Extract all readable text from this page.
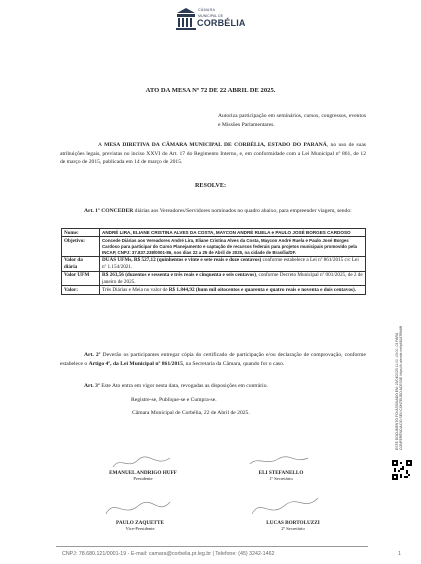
CÂMARA
MUNICIPAL DE
CORBÉLIA
ATO DA MESA Nº 72 DE 22 ABRIL DE 2025.
Autoriza participação em seminários, cursos, congressos, eventos e Missões Parlamentares.
A MESA DIRETIVA DA CÂMARA MUNICIPAL DE CORBÉLIA, ESTADO DO PARANÁ, no uso de suas atribuições legais, previstas no inciso XXVI do Art. 17 do Regimento Interno, e, em conformidade com a Lei Municipal nº 861, de 12 de março de 2015, publicada em 14 de março de 2015.
RESOLVE:
Art. 1º CONCEDER diárias aos Vereadores/Servidores nominados no quadro abaixo, para empreender viagem, sendo:
Nome:	ANDRÉ LIRA, ELIANE CRISTINA ALVES DA COSTA, MAYCON ANDRÉ RUELA e PAULO JOSÉ BORGES CARDOSO
Objetivo:	Concede Diárias aos Vereadores André Lira, Eliane Cristina Alves da Costa, Maycon André Ruela e Paulo José Borges Cardoso para participar do Curso Planejamento e captação de recursos federais para projetos municipais promovido pela INCAP, CNPJ: 37.837.238/0001-86, nos dias 22 a 25 de Abril de 2025, na cidade de Brasília/DF.
Valor da diária	DUAS UFMs, R$ 527,12 (quinhentos e vinte e sete reais e doze centavos) conforme estabelece a Lei nº 861/2015 c/c Lei nº 1.154/2021.
Valor UFM	R$ 263,56 (duzentos e sessenta e três reais e cinquenta e seis centavos), conforme Decreto Municipal nº 001/2025, de 2 de janeiro de 2025.
Valor:	Três Diárias e Meia no valor de R$ 1.844,92 (hum mil oitocentos e quarenta e quatro reais e noventa e dois centavos).
Art. 2º Deverão os participantes entregar cópia do certificado de participação e/ou declaração de comprovação, conforme estabelece o Artigo 4º, da Lei Municipal nº 861/2015, na Secretaria da Câmara, quando for o caso.
Art. 3º Este Ato entra em vigor nesta data, revogadas as disposições em contrário.
Registre-se, Publique-se e Cumpra-se.
Câmara Municipal de Corbélia, 22 de Abril de 2025.
EMANUEL ANDRIGO HUFF
Presidente
ELI STEFANELLO
1º Secretário
PAULO ZAQUETTE
Vice-Presidente
LUCAS BORTOLUZZI
2º Secretário
ESTE DOCUMENTO FOI ASSINADO EM: 23/04/2025 11:00 -03:00 -03 PARA CONFERÊNCIA DO SEU CONTEÚDO ACESSE https://c.atende.net/p68187f9b8ff
CNPJ: 78.680.121/0001-19 - E-mail: camara@corbelia.pr.leg.br | Telefone: (45) 3242-1462	1
